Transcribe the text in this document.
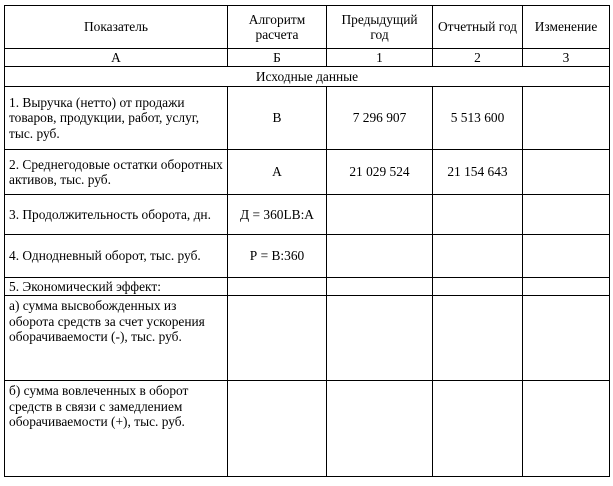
Показатель	Алгоритм расчета	Предыдущий год	Отчетный год	Изменение
А	Б	1	2	3
Исходные данные				
1. Выручка (нетто) от продажи товаров, продукции, работ, услуг, тыс. руб.	В	7 296 907	5 513 600	
2. Среднегодовые остатки оборотных активов, тыс. руб.	А	21 029 524	21 154 643	
3. Продолжительность оборота, дн.	Д = 360LB:A			
4. Однодневный оборот, тыс. руб.	Р = В:360			
5. Экономический эффект:				
а) сумма высвобожденных из оборота средств за счет ускорения оборачиваемости (-), тыс. руб.				
б) сумма вовлеченных в оборот средств в связи с замедлением оборачиваемости (+), тыс. руб.				
